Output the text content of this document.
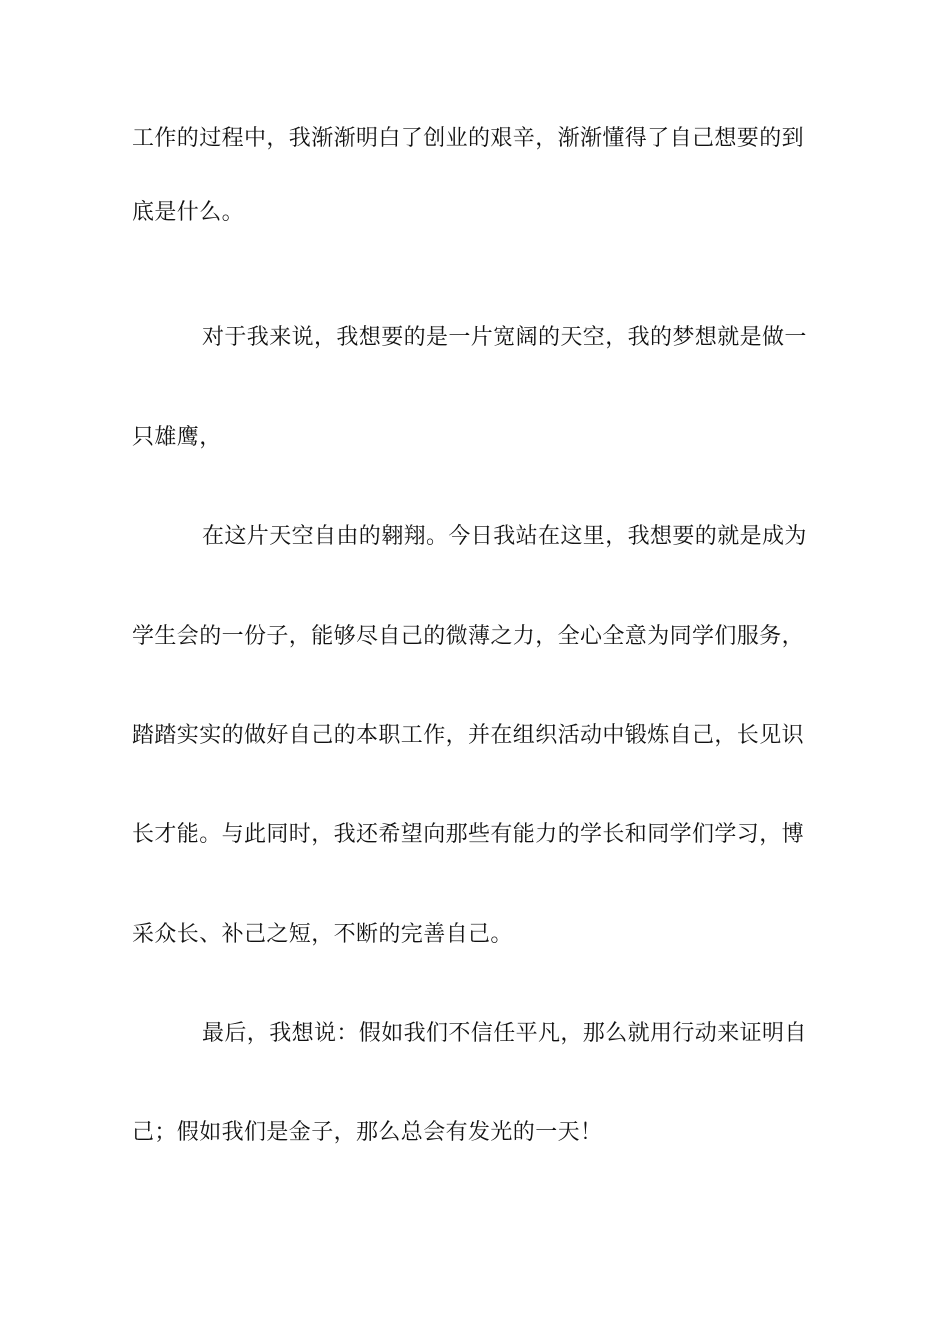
工作的过程中，我渐渐明白了创业的艰辛，渐渐懂得了自己想要的到
底是什么。
对于我来说，我想要的是一片宽阔的天空，我的梦想就是做一
只雄鹰，
在这片天空自由的翱翔。今日我站在这里，我想要的就是成为
学生会的一份子，能够尽自己的微薄之力，全心全意为同学们服务，
踏踏实实的做好自己的本职工作，并在组织活动中锻炼自己，长见识
长才能。与此同时，我还希望向那些有能力的学长和同学们学习，博
采众长、补己之短，不断的完善自己。
最后，我想说：假如我们不信任平凡，那么就用行动来证明自
己；假如我们是金子，那么总会有发光的一天！
